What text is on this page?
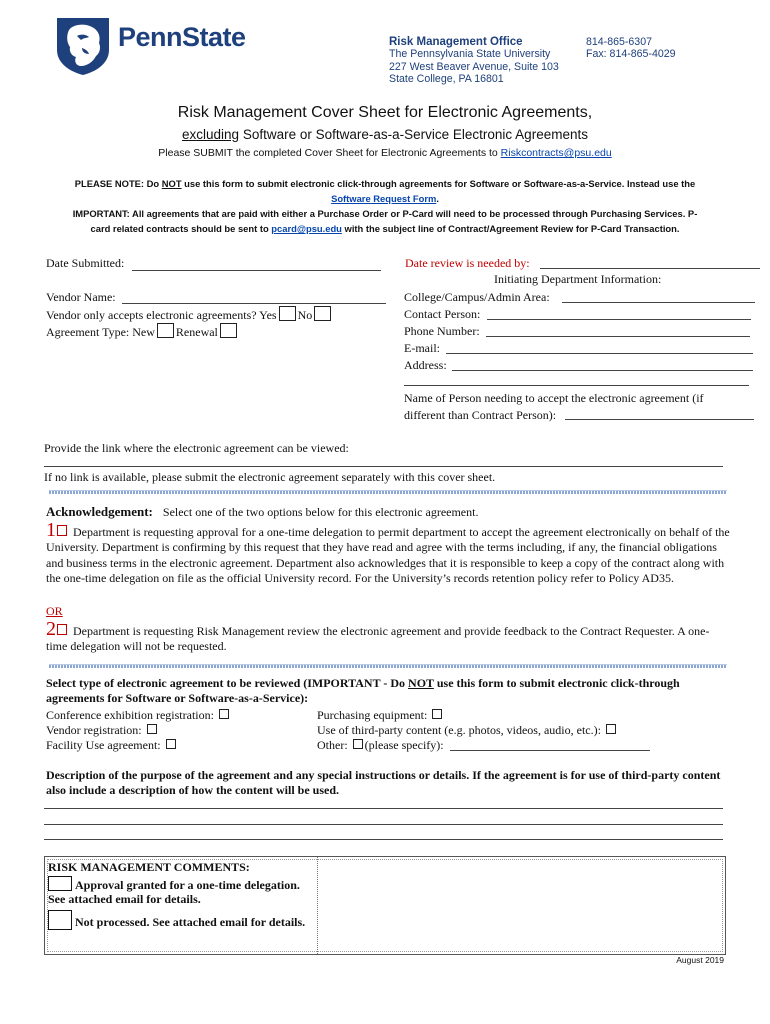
PennState	Risk Management Office
The Pennsylvania State University
227 West Beaver Avenue, Suite 103
State College, PA 16801
814-865-6307
Fax: 814-865-4029
Risk Management Cover Sheet for Electronic Agreements,
excluding Software or Software-as-a-Service Electronic Agreements
Please SUBMIT the completed Cover Sheet for Electronic Agreements to Riskcontracts@psu.edu
PLEASE NOTE: Do NOT use this form to submit electronic click-through agreements for Software or Software-as-a-Service. Instead use the
Software Request Form.
IMPORTANT: All agreements that are paid with either a Purchase Order or P-Card will need to be processed through Purchasing Services. P-
card related contracts should be sent to pcard@psu.edu with the subject line of Contract/Agreement Review for P-Card Transaction.
Date Submitted:
Vendor Name:
Vendor only accepts electronic agreements? Yes No
Agreement Type: New Renewal
Date review is needed by:
Initiating Department Information:
College/Campus/Admin Area:
Contact Person:
Phone Number:
E-mail:
Address:
Name of Person needing to accept the electronic agreement (if
different than Contract Person):
Provide the link where the electronic agreement can be viewed:
If no link is available, please submit the electronic agreement separately with this cover sheet.
Acknowledgement: Select one of the two options below for this electronic agreement.
1 Department is requesting approval for a one-time delegation to permit department to accept the agreement electronically on behalf of the University. Department is confirming by this request that they have read and agree with the terms including, if any, the financial obligations and business terms in the electronic agreement. Department also acknowledges that it is responsible to keep a copy of the contract along with the one-time delegation on file as the official University record. For the University’s records retention policy refer to Policy AD35.
OR
2 Department is requesting Risk Management review the electronic agreement and provide feedback to the Contract Requester. A one-time delegation will not be requested.
Select type of electronic agreement to be reviewed (IMPORTANT - Do NOT use this form to submit electronic click-through agreements for Software or Software-as-a-Service):
Conference exhibition registration:
Vendor registration:
Facility Use agreement:
Purchasing equipment:
Use of third-party content (e.g. photos, videos, audio, etc.):
Other: (please specify):
Description of the purpose of the agreement and any special instructions or details. If the agreement is for use of third-party content also include a description of how the content will be used.
RISK MANAGEMENT COMMENTS:
Approval granted for a one-time delegation.
See attached email for details.
Not processed. See attached email for details.
August 2019
